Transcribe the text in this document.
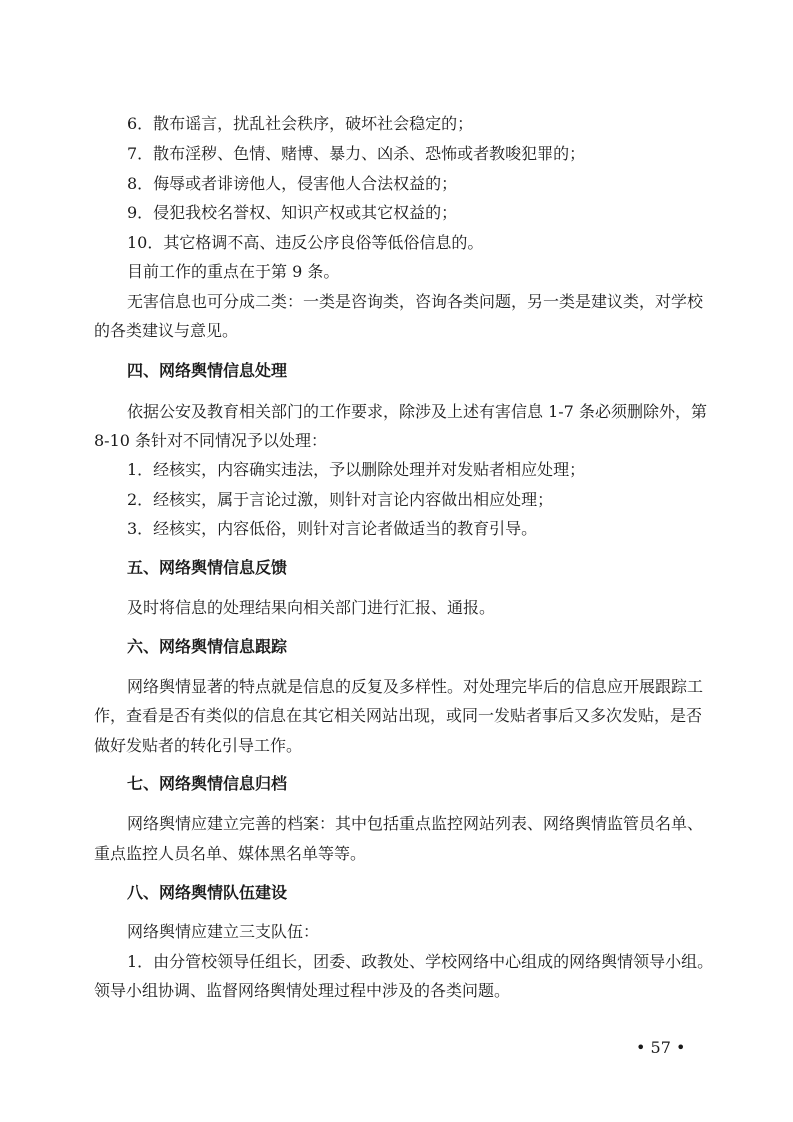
6．散布谣言，扰乱社会秩序，破坏社会稳定的；
7．散布淫秽、色情、赌博、暴力、凶杀、恐怖或者教唆犯罪的；
8．侮辱或者诽谤他人，侵害他人合法权益的；
9．侵犯我校名誉权、知识产权或其它权益的；
10．其它格调不高、违反公序良俗等低俗信息的。
目前工作的重点在于第 9 条。
无害信息也可分成二类：一类是咨询类，咨询各类问题，另一类是建议类，对学校
的各类建议与意见。
四、网络舆情信息处理
依据公安及教育相关部门的工作要求，除涉及上述有害信息 1-7 条必须删除外，第
8-10 条针对不同情况予以处理：
1．经核实，内容确实违法，予以删除处理并对发贴者相应处理；
2．经核实，属于言论过激，则针对言论内容做出相应处理；
3．经核实，内容低俗，则针对言论者做适当的教育引导。
五、网络舆情信息反馈
及时将信息的处理结果向相关部门进行汇报、通报。
六、网络舆情信息跟踪
网络舆情显著的特点就是信息的反复及多样性。对处理完毕后的信息应开展跟踪工
作，查看是否有类似的信息在其它相关网站出现，或同一发贴者事后又多次发贴，是否
做好发贴者的转化引导工作。
七、网络舆情信息归档
网络舆情应建立完善的档案：其中包括重点监控网站列表、网络舆情监管员名单、
重点监控人员名单、媒体黑名单等等。
八、网络舆情队伍建设
网络舆情应建立三支队伍：
1．由分管校领导任组长，团委、政教处、学校网络中心组成的网络舆情领导小组。
领导小组协调、监督网络舆情处理过程中涉及的各类问题。
• 57 •
